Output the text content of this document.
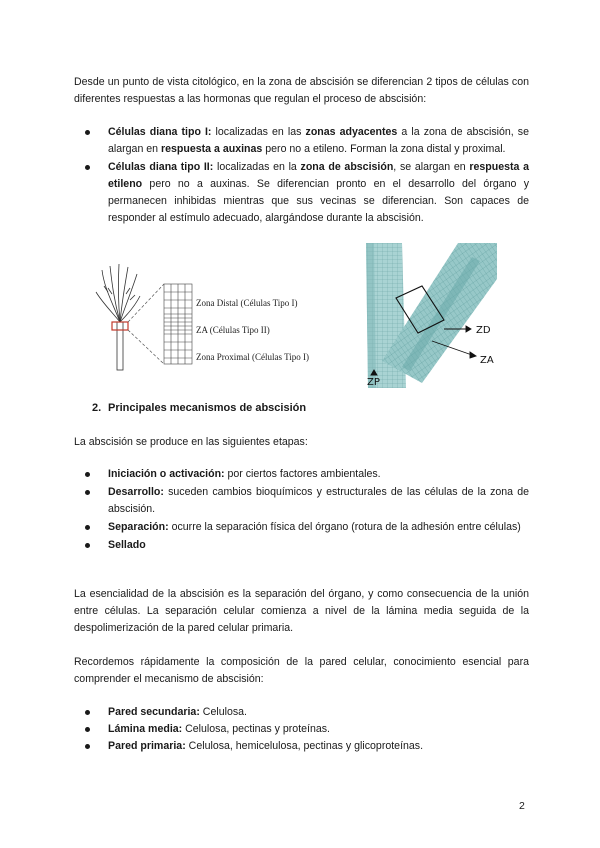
Desde un punto de vista citológico, en la zona de abscisión se diferencian 2 tipos de células con diferentes respuestas a las hormonas que regulan el proceso de abscisión:

Células diana tipo I: localizadas en las zonas adyacentes a la zona de abscisión, se alargan en respuesta a auxinas pero no a etileno. Forman la zona distal y proximal.
Células diana tipo II: localizadas en la zona de abscisión, se alargan en respuesta a etileno pero no a auxinas. Se diferencian pronto en el desarrollo del órgano y permanecen inhibidas mientras que sus vecinas se diferencian. Son capaces de responder al estímulo adecuado, alargándose durante la abscisión.
Zona Distal (Células Tipo I)
ZA (Células Tipo II)
Zona Proximal (Células Tipo I)
ZD
ZA
ZP
2. Principales mecanismos de abscisión

La abscisión se produce en las siguientes etapas:

Iniciación o activación: por ciertos factores ambientales.
Desarrollo: suceden cambios bioquímicos y estructurales de las células de la zona de abscisión.
Separación: ocurre la separación física del órgano (rotura de la adhesión entre células)
Sellado

La esencialidad de la abscisión es la separación del órgano, y como consecuencia de la unión entre células. La separación celular comienza a nivel de la lámina media seguida de la despolimerización de la pared celular primaria.

Recordemos rápidamente la composición de la pared celular, conocimiento esencial para comprender el mecanismo de abscisión:

Pared secundaria: Celulosa.
Lámina media: Celulosa, pectinas y proteínas.
Pared primaria: Celulosa, hemicelulosa, pectinas y glicoproteínas.
2
